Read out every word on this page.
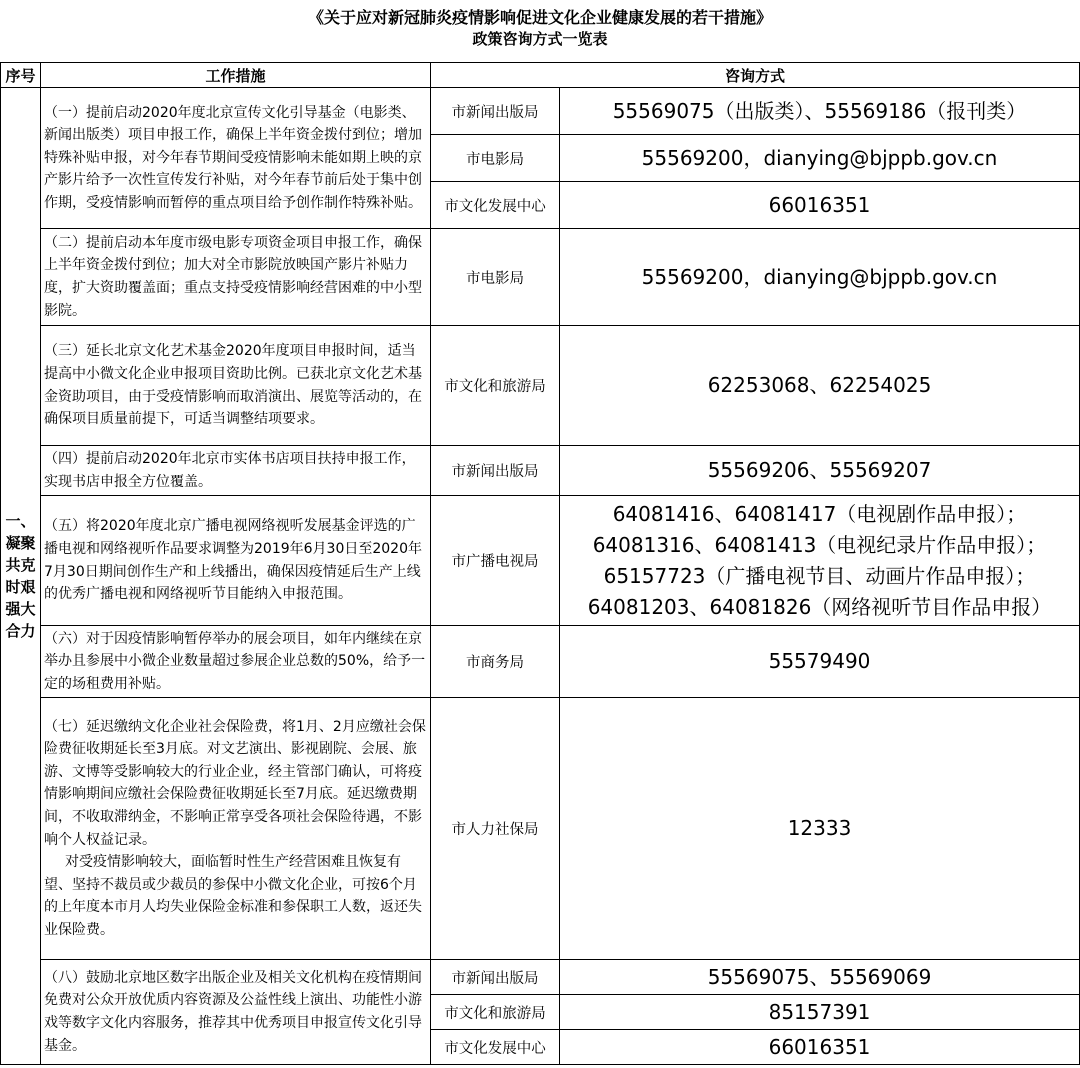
《关于应对新冠肺炎疫情影响促进文化企业健康发展的若干措施》
政策咨询方式一览表
序号	工作措施	咨询方式	

一、凝聚共克时艰强大合力	（一）提前启动2020年度北京宣传文化引导基金（电影类、新闻出版类）项目申报工作，确保上半年资金拨付到位；增加特殊补贴申报，对今年春节期间受疫情影响未能如期上映的京产影片给予一次性宣传发行补贴，对今年春节前后处于集中创作期，受疫情影响而暂停的重点项目给予创作制作特殊补贴。	市新闻出版局	55569075（出版类）、55569186（报刊类）
		市电影局	55569200，dianying@bjppb.gov.cn
		市文化发展中心	66016351
	（二）提前启动本年度市级电影专项资金项目申报工作，确保上半年资金拨付到位；加大对全市影院放映国产影片补贴力度，扩大资助覆盖面；重点支持受疫情影响经营困难的中小型影院。	市电影局	55569200，dianying@bjppb.gov.cn
	（三）延长北京文化艺术基金2020年度项目申报时间，适当提高中小微文化企业申报项目资助比例。已获北京文化艺术基金资助项目，由于受疫情影响而取消演出、展览等活动的，在确保项目质量前提下，可适当调整结项要求。	市文化和旅游局	62253068、62254025
	（四）提前启动2020年北京市实体书店项目扶持申报工作，实现书店申报全方位覆盖。	市新闻出版局	55569206、55569207
	（五）将2020年度北京广播电视网络视听发展基金评选的广播电视和网络视听作品要求调整为2019年6月30日至2020年7月30日期间创作生产和上线播出，确保因疫情延后生产上线的优秀广播电视和网络视听节目能纳入申报范围。	市广播电视局	64081416、64081417（电视剧作品申报）；
64081316、64081413（电视纪录片作品申报）；
65157723（广播电视节目、动画片作品申报）；
64081203、64081826（网络视听节目作品申报）

	（六）对于因疫情影响暂停举办的展会项目，如年内继续在京举办且参展中小微企业数量超过参展企业总数的50%，给予一定的场租费用补贴。	市商务局	55579490

	（七）延迟缴纳文化企业社会保险费，将1月、2月应缴社会保险费征收期延长至3月底。对文艺演出、影视剧院、会展、旅游、文博等受影响较大的行业企业，经主管部门确认，可将疫情影响期间应缴社会保险费征收期延长至7月底。延迟缴费期间，不收取滞纳金，不影响正常享受各项社会保险待遇，不影响个人权益记录。
对受疫情影响较大，面临暂时性生产经营困难且恢复有望、坚持不裁员或少裁员的参保中小微文化企业，可按6个月的上年度本市月人均失业保险金标准和参保职工人数，返还失业保险费。	市人力社保局	12333
	（八）鼓励北京地区数字出版企业及相关文化机构在疫情期间免费对公众开放优质内容资源及公益性线上演出、功能性小游戏等数字文化内容服务，推荐其中优秀项目申报宣传文化引导基金。	市新闻出版局	55569075、55569069
		市文化和旅游局	85157391
		市文化发展中心	66016351
